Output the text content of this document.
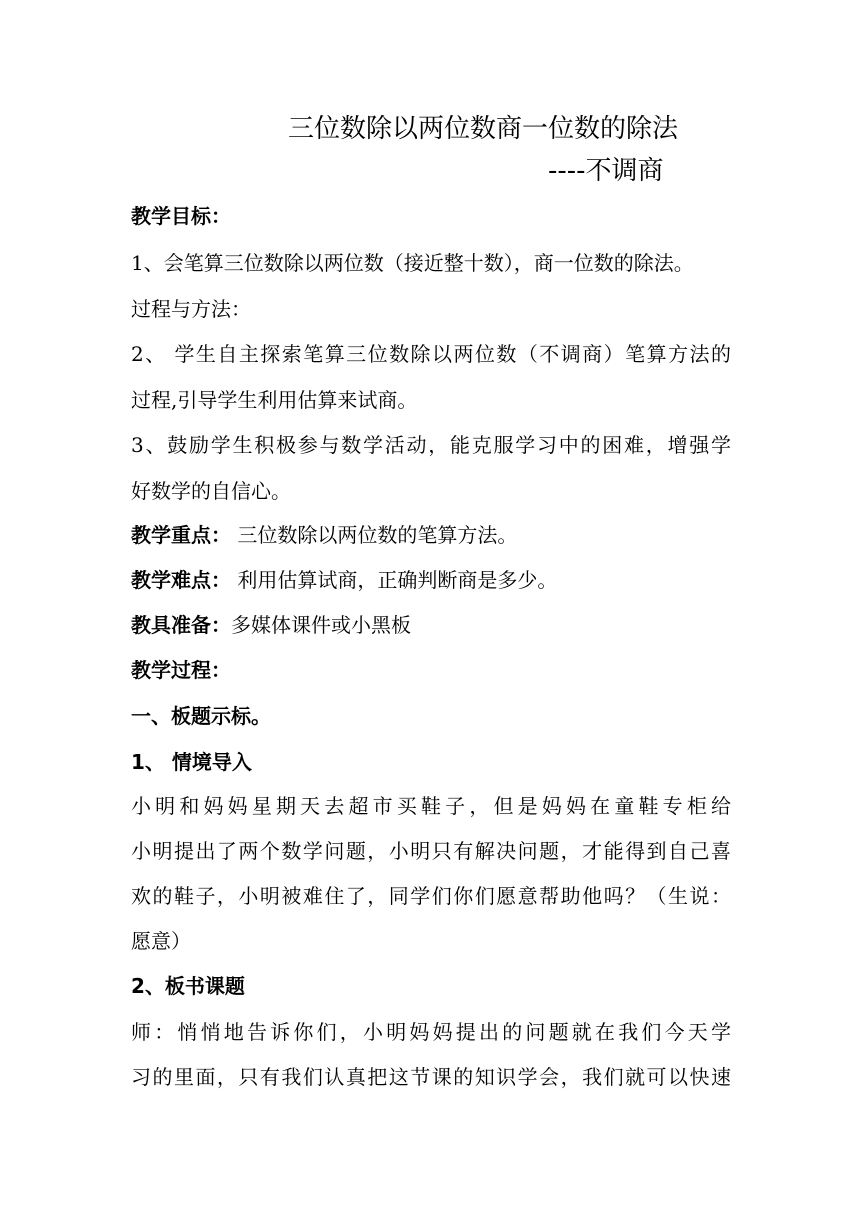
三位数除以两位数商一位数的除法
----不调商
教学目标：
1、会笔算三位数除以两位数（接近整十数），商一位数的除法。
过程与方法：
2、 学生自主探索笔算三位数除以两位数（不调商）笔算方法的
过程,引导学生利用估算来试商。
3、鼓励学生积极参与数学活动，能克服学习中的困难，增强学
好数学的自信心。
教学重点： 三位数除以两位数的笔算方法。
教学难点： 利用估算试商，正确判断商是多少。
教具准备：多媒体课件或小黑板
教学过程：
一、板题示标。
1、 情境导入
小明和妈妈星期天去超市买鞋子，但是妈妈在童鞋专柜给
小明提出了两个数学问题，小明只有解决问题，才能得到自己喜
欢的鞋子，小明被难住了，同学们你们愿意帮助他吗？（生说：
愿意）
2、板书课题
师：悄悄地告诉你们，小明妈妈提出的问题就在我们今天学
习的里面，只有我们认真把这节课的知识学会，我们就可以快速
